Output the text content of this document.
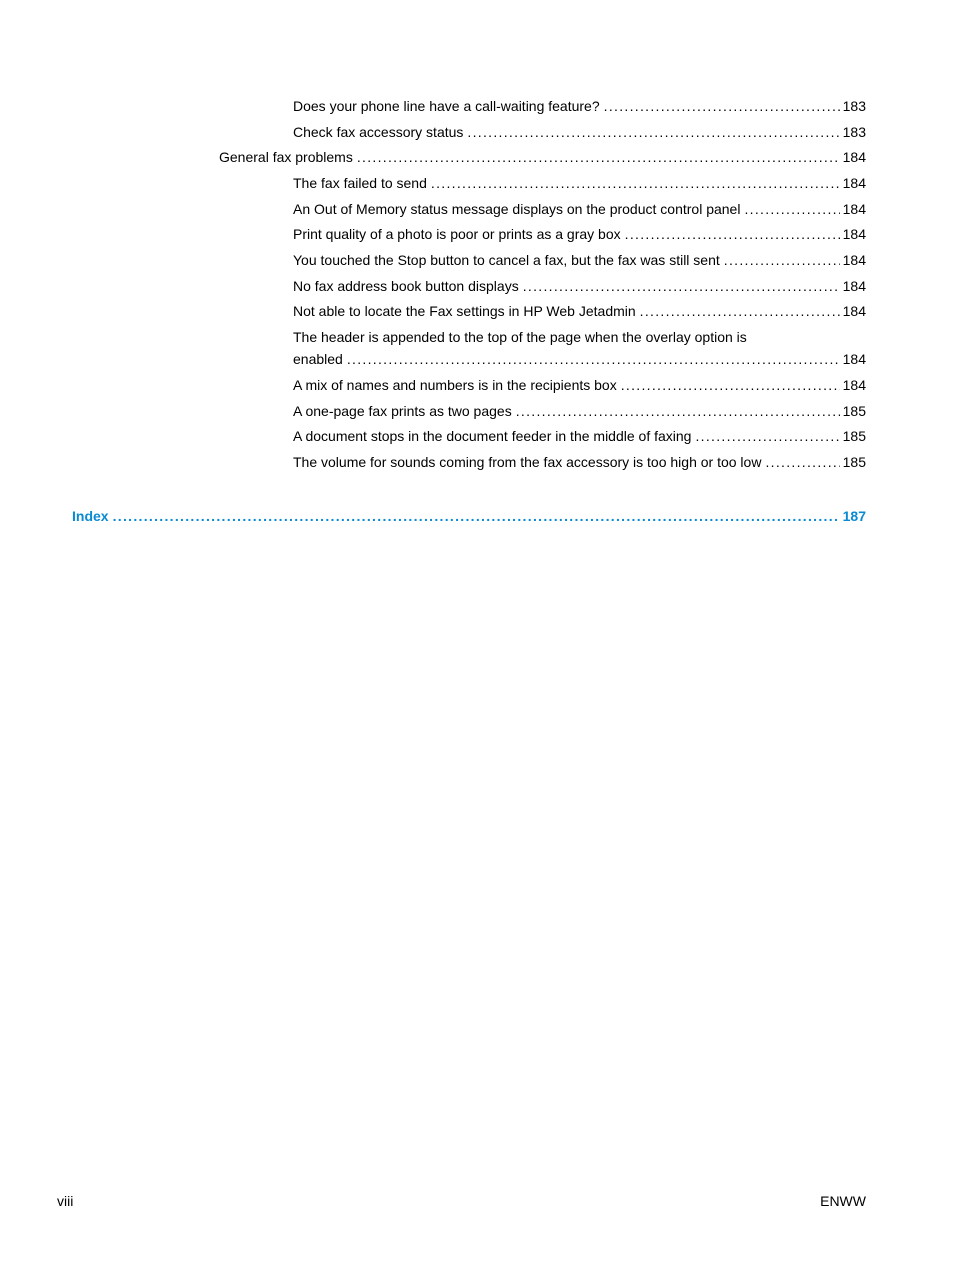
Does your phone line have a call-waiting feature? .....	183
Check fax accessory status .....	183
General fax problems .....	184
The fax failed to send .....	184
An Out of Memory status message displays on the product control panel .....	184
Print quality of a photo is poor or prints as a gray box .....	184
You touched the Stop button to cancel a fax, but the fax was still sent .....	184
No fax address book button displays .....	184
Not able to locate the Fax settings in HP Web Jetadmin .....	184
The header is appended to the top of the page when the overlay option is
enabled .....	184
A mix of names and numbers is in the recipients box .....	184
A one-page fax prints as two pages .....	185
A document stops in the document feeder in the middle of faxing .....	185
The volume for sounds coming from the fax accessory is too high or too low .....	185
Index .....	187
viii	ENWW
